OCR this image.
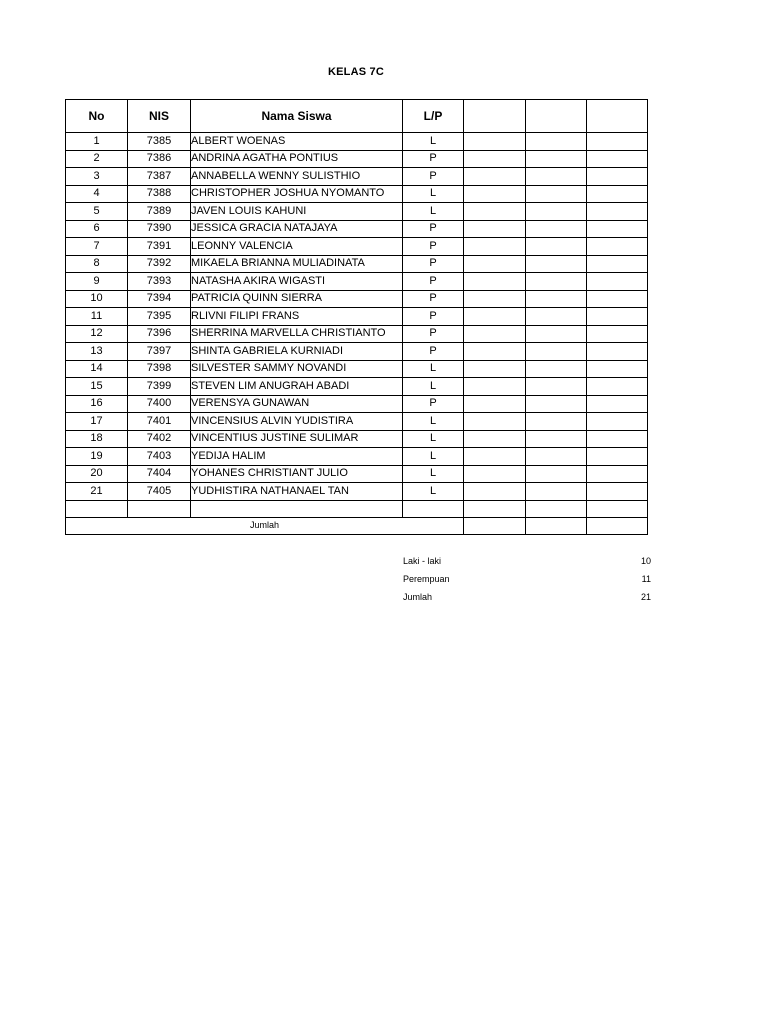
KELAS 7C
No	NIS	Nama Siswa	L/P			
1	7385	ALBERT WOENAS	L			
2	7386	ANDRINA AGATHA PONTIUS	P			
3	7387	ANNABELLA WENNY SULISTHIO	P			
4	7388	CHRISTOPHER JOSHUA NYOMANTO	L			
5	7389	JAVEN LOUIS KAHUNI	L			
6	7390	JESSICA GRACIA NATAJAYA	P			
7	7391	LEONNY VALENCIA	P			
8	7392	MIKAELA BRIANNA MULIADINATA	P			
9	7393	NATASHA AKIRA WIGASTI	P			
10	7394	PATRICIA QUINN SIERRA	P			
11	7395	RLIVNI FILIPI FRANS	P			
12	7396	SHERRINA MARVELLA CHRISTIANTO	P			
13	7397	SHINTA GABRIELA KURNIADI	P			
14	7398	SILVESTER SAMMY NOVANDI	L			
15	7399	STEVEN LIM ANUGRAH ABADI	L			
16	7400	VERENSYA GUNAWAN	P			
17	7401	VINCENSIUS ALVIN YUDISTIRA	L			
18	7402	VINCENTIUS JUSTINE SULIMAR	L			
19	7403	YEDIJA HALIM	L			
20	7404	YOHANES CHRISTIANT JULIO	L			
21	7405	YUDHISTIRA NATHANAEL TAN	L			

Jumlah						
Laki - laki	10
Perempuan	11
Jumlah	21
